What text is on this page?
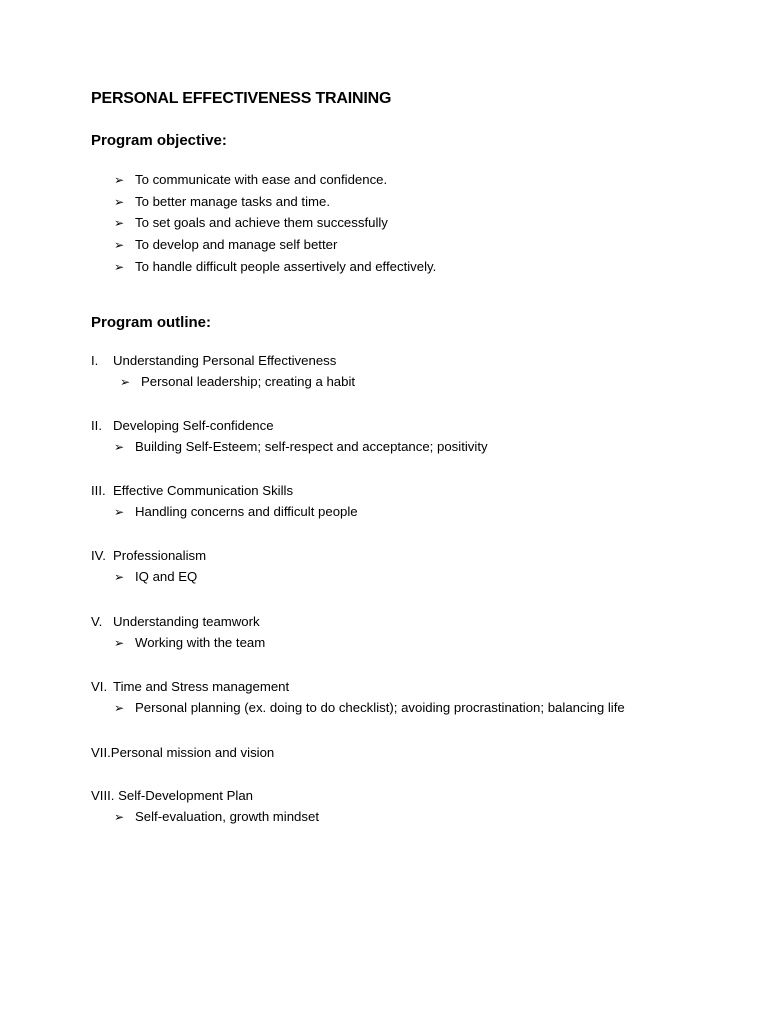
PERSONAL EFFECTIVENESS TRAINING
Program objective:
➢ To communicate with ease and confidence.
➢ To better manage tasks and time.
➢ To set goals and achieve them successfully
➢ To develop and manage self better
➢ To handle difficult people assertively and effectively.
Program outline:
I. Understanding Personal Effectiveness
➢ Personal leadership; creating a habit
II. Developing Self-confidence
➢ Building Self-Esteem; self-respect and acceptance; positivity
III. Effective Communication Skills
➢ Handling concerns and difficult people
IV. Professionalism
➢ IQ and EQ
V. Understanding teamwork
➢ Working with the team
VI. Time and Stress management
➢ Personal planning (ex. doing to do checklist); avoiding procrastination; balancing life
VII.Personal mission and vision
VIII. Self-Development Plan
➢ Self-evaluation, growth mindset
